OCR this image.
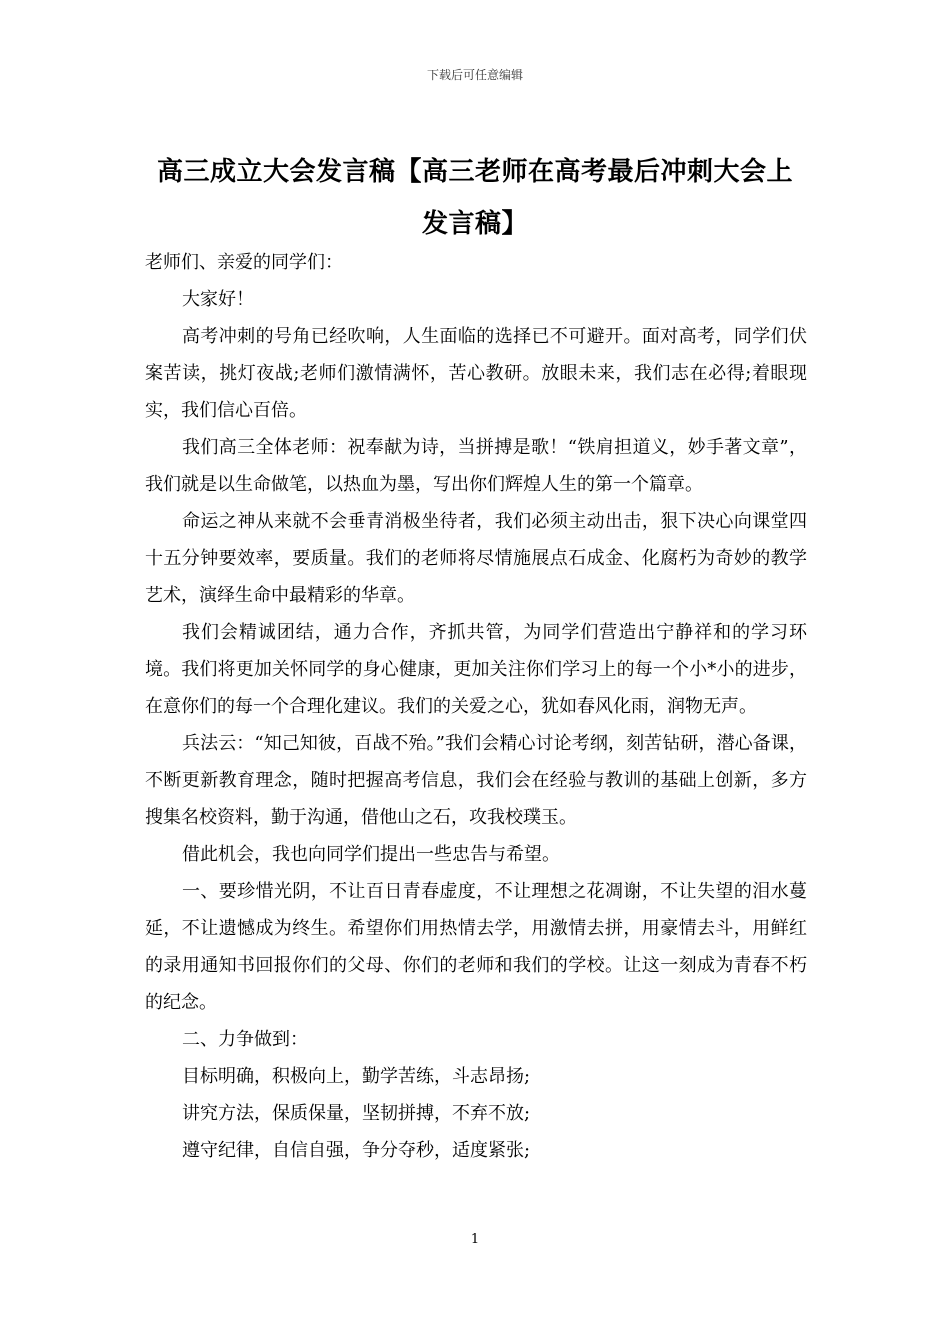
下载后可任意编辑
高三成立大会发言稿【高三老师在高考最后冲刺大会上发言稿】

老师们、亲爱的同学们：

大家好！

高考冲刺的号角已经吹响，人生面临的选择已不可避开。面对高考，同学们伏案苦读，挑灯夜战;老师们激情满怀，苦心教研。放眼未来，我们志在必得;着眼现实，我们信心百倍。

我们高三全体老师：祝奉献为诗，当拼搏是歌！“铁肩担道义，妙手著文章”，我们就是以生命做笔，以热血为墨，写出你们辉煌人生的第一个篇章。

命运之神从来就不会垂青消极坐待者，我们必须主动出击，狠下决心向课堂四十五分钟要效率，要质量。我们的老师将尽情施展点石成金、化腐朽为奇妙的教学艺术，演绎生命中最精彩的华章。

我们会精诚团结，通力合作，齐抓共管，为同学们营造出宁静祥和的学习环境。我们将更加关怀同学的身心健康，更加关注你们学习上的每一个小*小的进步，在意你们的每一个合理化建议。我们的关爱之心，犹如春风化雨，润物无声。

兵法云：“知己知彼，百战不殆。”我们会精心讨论考纲，刻苦钻研，潜心备课，不断更新教育理念，随时把握高考信息，我们会在经验与教训的基础上创新，多方搜集名校资料，勤于沟通，借他山之石，攻我校璞玉。

借此机会，我也向同学们提出一些忠告与希望。

一、要珍惜光阴，不让百日青春虚度，不让理想之花凋谢，不让失望的泪水蔓延，不让遗憾成为终生。希望你们用热情去学，用激情去拼，用豪情去斗，用鲜红的录用通知书回报你们的父母、你们的老师和我们的学校。让这一刻成为青春不朽的纪念。

二、力争做到：

目标明确，积极向上，勤学苦练，斗志昂扬;

讲究方法，保质保量，坚韧拼搏，不弃不放;

遵守纪律，自信自强，争分夺秒，适度紧张;

1
